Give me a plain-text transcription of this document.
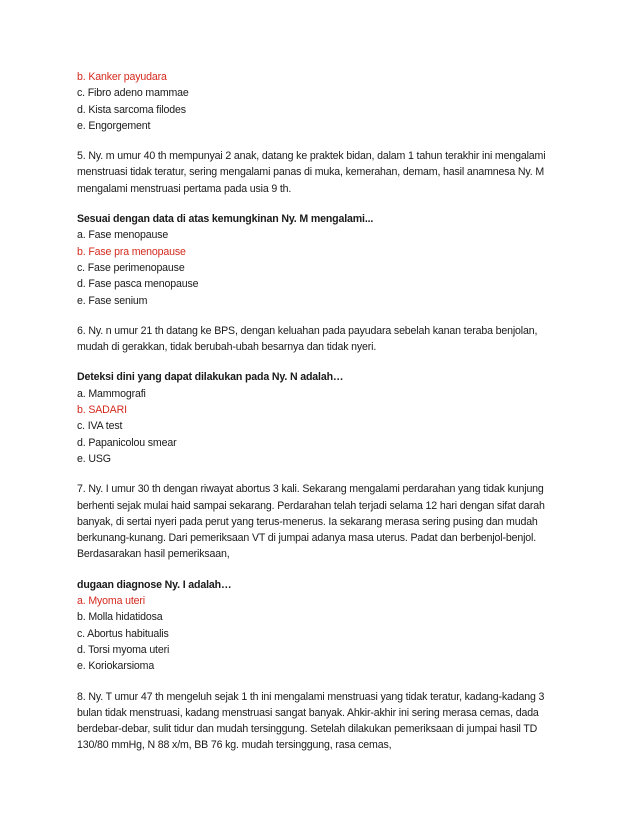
b. Kanker payudara
c. Fibro adeno mammae
d. Kista sarcoma filodes
e. Engorgement
5. Ny. m umur 40 th mempunyai 2 anak, datang ke praktek bidan, dalam 1 tahun terakhir ini mengalami
menstruasi tidak teratur, sering mengalami panas di muka, kemerahan, demam, hasil anamnesa Ny. M
mengalami menstruasi pertama pada usia 9 th.
Sesuai dengan data di atas kemungkinan Ny. M mengalami...
a. Fase menopause
b. Fase pra menopause
c. Fase perimenopause
d. Fase pasca menopause
e. Fase senium
6. Ny. n umur 21 th datang ke BPS, dengan keluahan pada payudara sebelah kanan teraba benjolan,
mudah di gerakkan, tidak berubah-ubah besarnya dan tidak nyeri.
Deteksi dini yang dapat dilakukan pada Ny. N adalah…
a. Mammografi
b. SADARI
c. IVA test
d. Papanicolou smear
e. USG
7. Ny. I umur 30 th dengan riwayat abortus 3 kali. Sekarang mengalami perdarahan yang tidak kunjung
berhenti sejak mulai haid sampai sekarang. Perdarahan telah terjadi selama 12 hari dengan sifat darah
banyak, di sertai nyeri pada perut yang terus-menerus. Ia sekarang merasa sering pusing dan mudah
berkunang-kunang. Dari pemeriksaan VT di jumpai adanya masa uterus. Padat dan berbenjol-benjol.
Berdasarakan hasil pemeriksaan,
dugaan diagnose Ny. I adalah…
a. Myoma uteri
b. Molla hidatidosa
c. Abortus habitualis
d. Torsi myoma uteri
e. Koriokarsioma
8. Ny. T umur 47 th mengeluh sejak 1 th ini mengalami menstruasi yang tidak teratur, kadang-kadang 3
bulan tidak menstruasi, kadang menstruasi sangat banyak. Ahkir-akhir ini sering merasa cemas, dada
berdebar-debar, sulit tidur dan mudah tersinggung. Setelah dilakukan pemeriksaan di jumpai hasil TD
130/80 mmHg, N 88 x/m, BB 76 kg. mudah tersinggung, rasa cemas,
